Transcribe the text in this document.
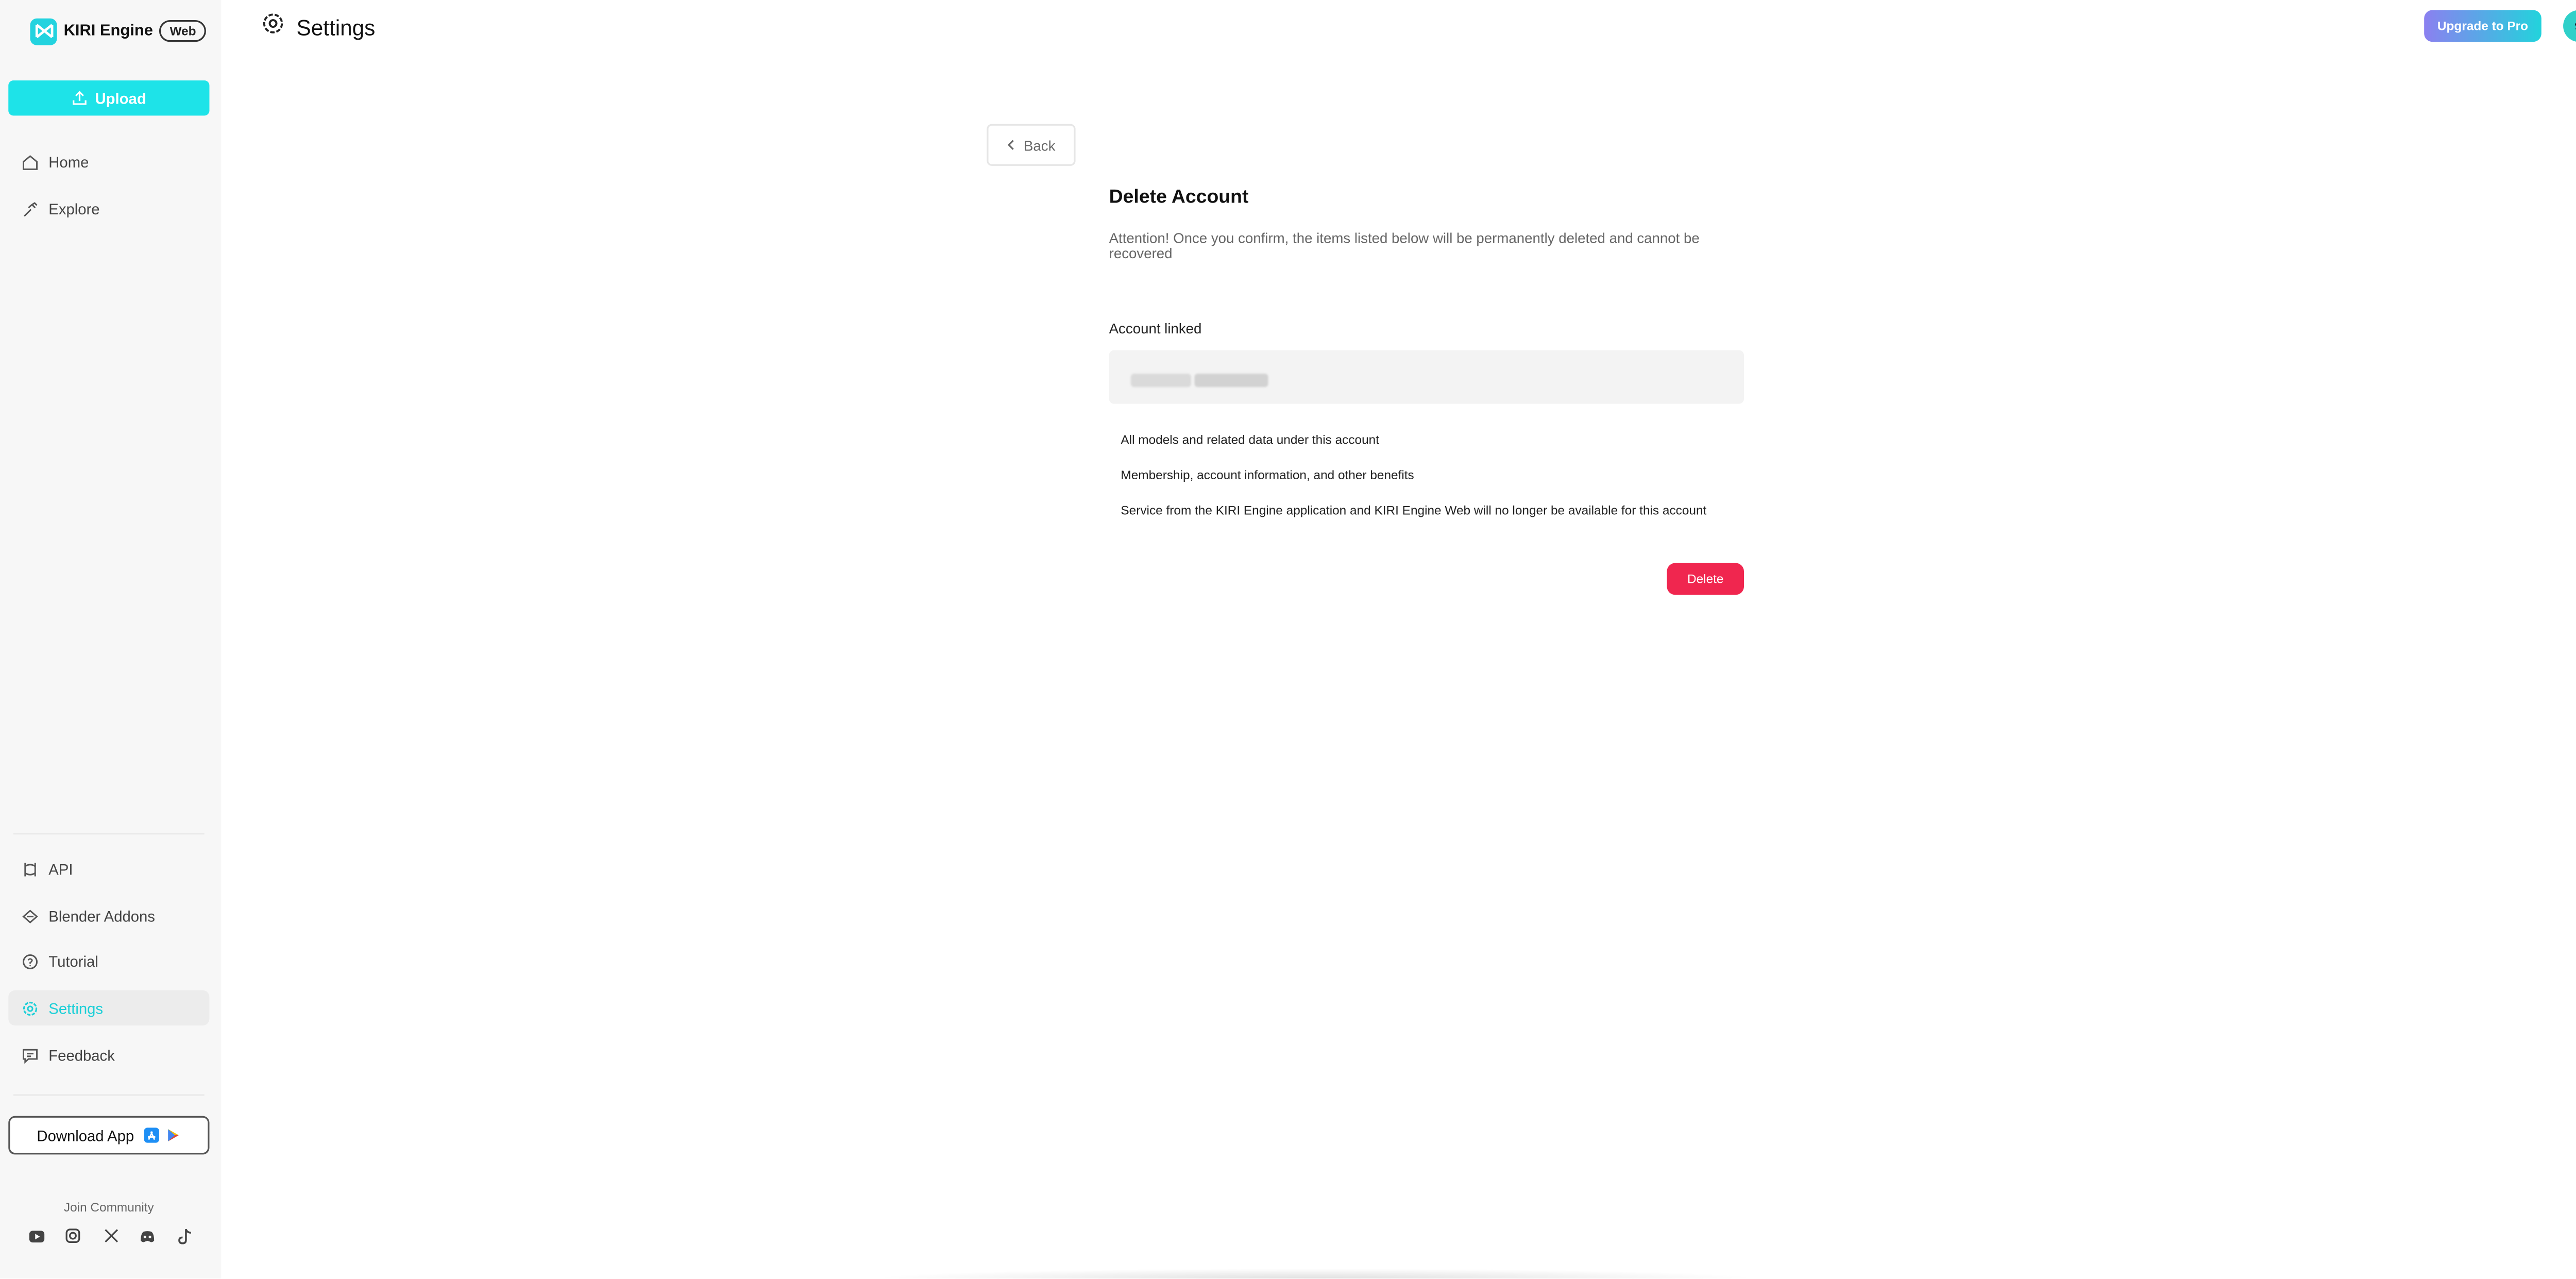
KIRI Engine	Web
Upload
Home
Explore
API
Blender Addons
Tutorial
Settings
Feedback
Download App
Join Community
Settings	Upgrade to Pro
Back
Delete Account
Attention! Once you confirm, the items listed below will be permanently deleted and cannot be recovered
Account linked
All models and related data under this account
Membership, account information, and other benefits
Service from the KIRI Engine application and KIRI Engine Web will no longer be available for this account
Delete
